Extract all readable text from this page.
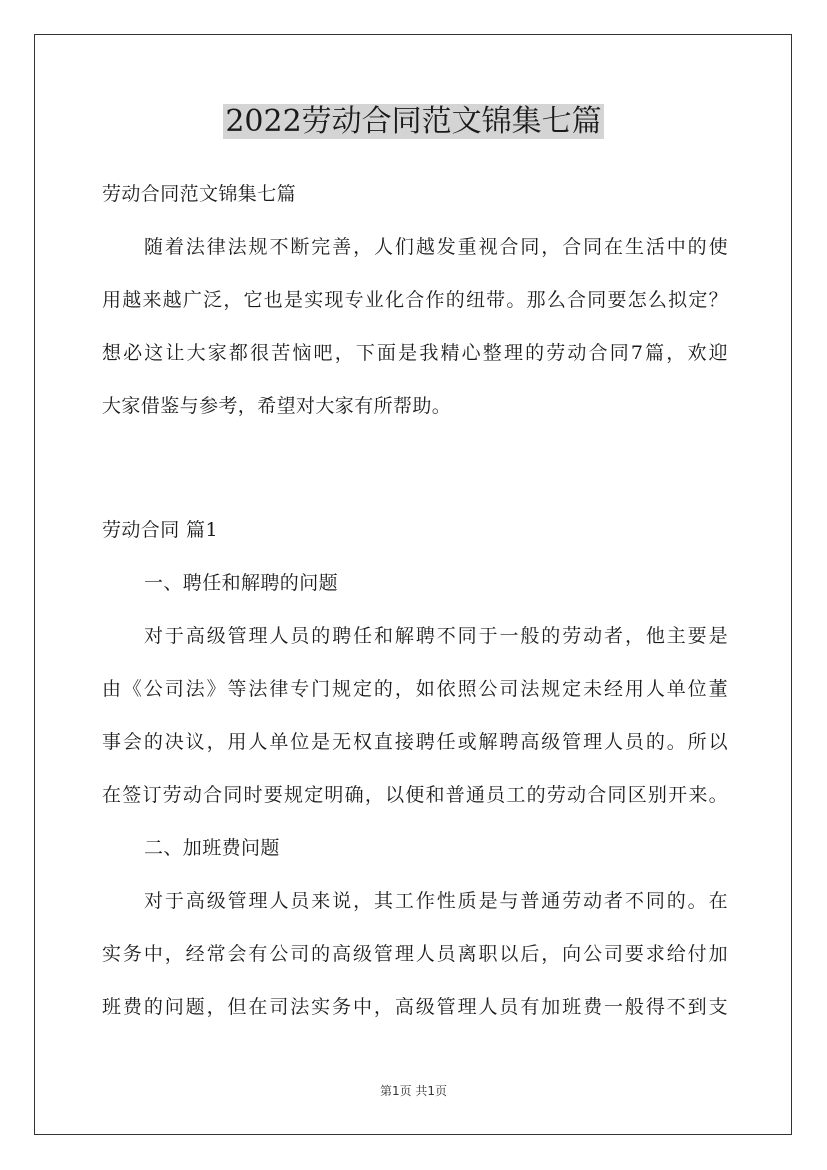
2022劳动合同范文锦集七篇
劳动合同范文锦集七篇
随着法律法规不断完善，人们越发重视合同，合同在生活中的使
用越来越广泛，它也是实现专业化合作的纽带。那么合同要怎么拟定？
想必这让大家都很苦恼吧，下面是我精心整理的劳动合同7篇，欢迎
大家借鉴与参考，希望对大家有所帮助。
劳动合同 篇1
一、聘任和解聘的问题
对于高级管理人员的聘任和解聘不同于一般的劳动者，他主要是
由《公司法》等法律专门规定的，如依照公司法规定未经用人单位董
事会的决议，用人单位是无权直接聘任或解聘高级管理人员的。所以
在签订劳动合同时要规定明确，以便和普通员工的劳动合同区别开来。
二、加班费问题
对于高级管理人员来说，其工作性质是与普通劳动者不同的。在
实务中，经常会有公司的高级管理人员离职以后，向公司要求给付加
班费的问题，但在司法实务中，高级管理人员有加班费一般得不到支
第1页 共1页
